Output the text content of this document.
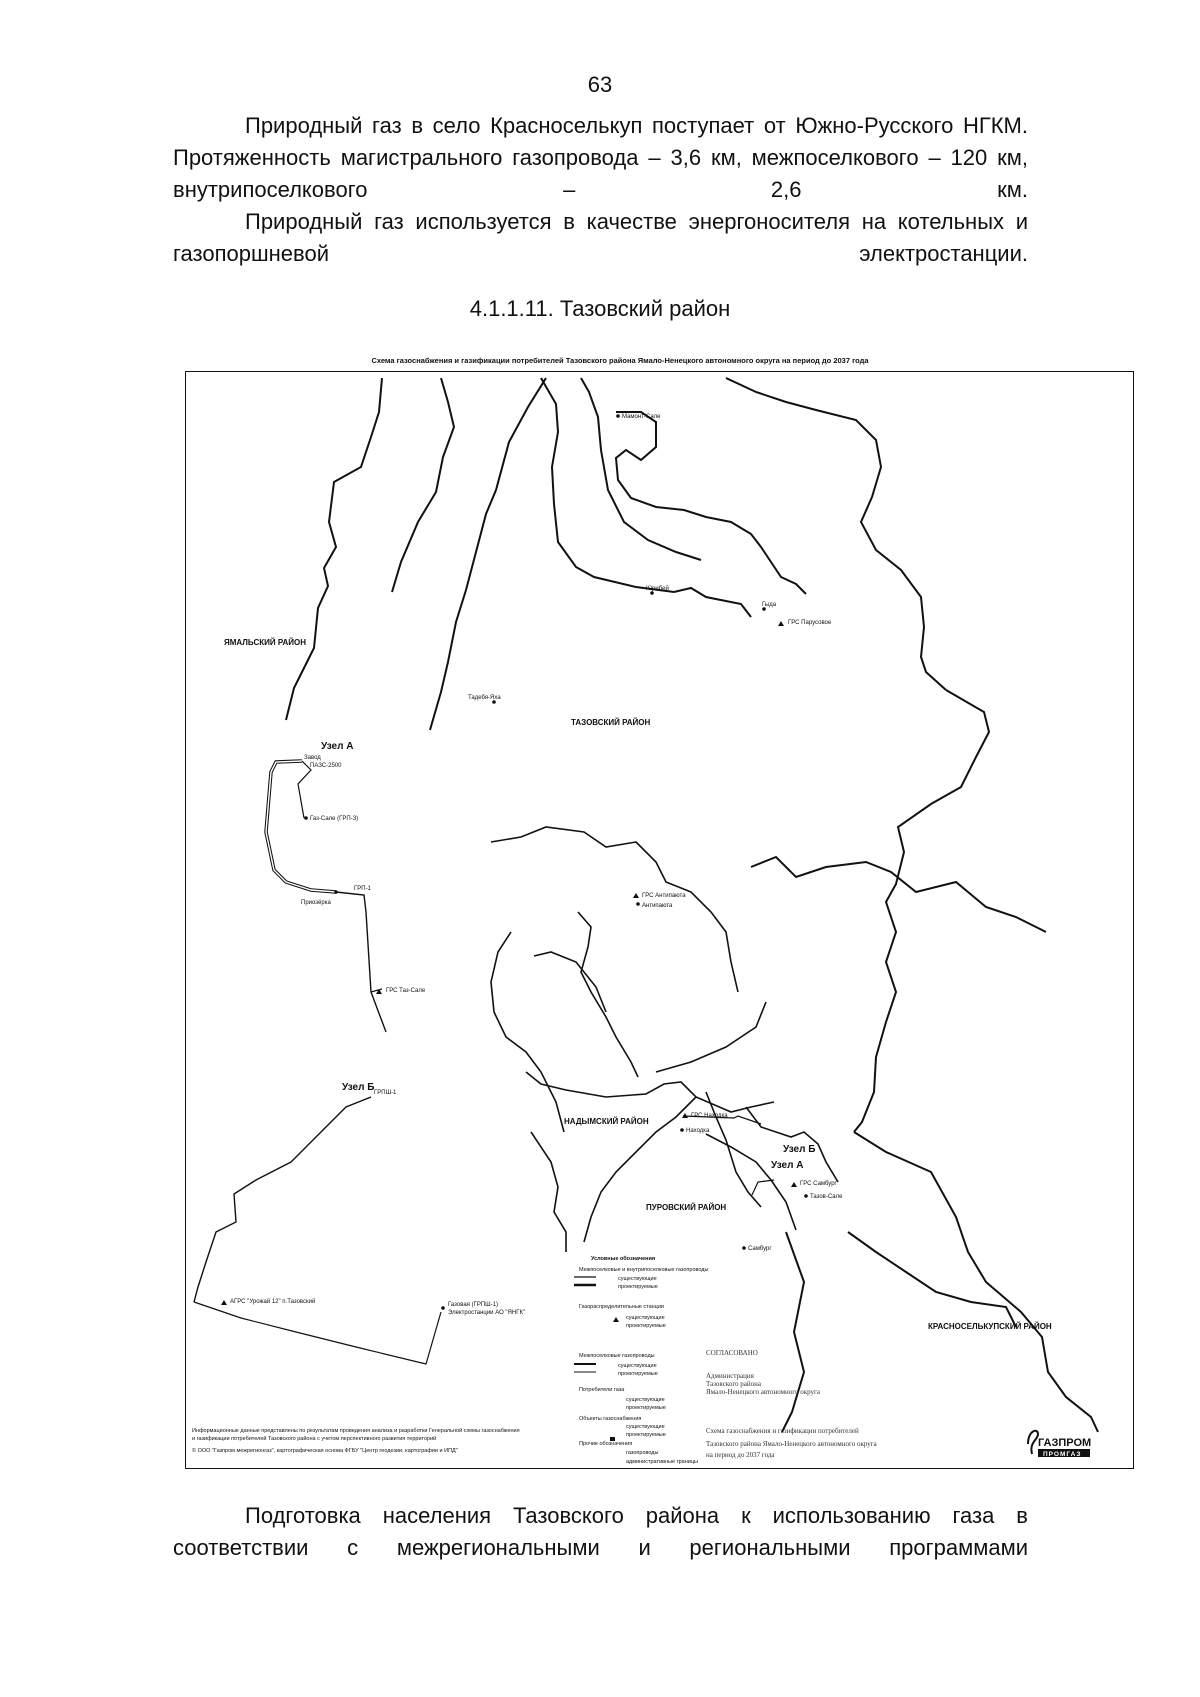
63

Природный газ в село Красноселькуп поступает от Южно-Русского НГКМ. Протяженность магистрального газопровода – 3,6 км, межпоселкового – 120 км, внутрипоселкового – 2,6 км.

Природный газ используется в качестве энергоносителя на котельных и газопоршневой электростанции.

4.1.1.11. Тазовский район
Схема газоснабжения и газификации потребителей Тазовского района Ямало-Ненецкого автономного округа на период до 2037 года
Условные обозначения
Межпоселковые и внутрипоселковые газопроводы
существующие
проектируемые
Газораспределительные станции
существующие
проектируемые
Межпоселковые газопроводы
существующие
проектируемые
Потребители газа
существующие
проектируемые
Объекты газоснабжения
существующие
проектируемые
Прочие обозначения
газопроводы
административные границы
ЯМАЛЬСКИЙ РАЙОН
ТАЗОВСКИЙ РАЙОН
НАДЫМСКИЙ РАЙОН
ПУРОВСКИЙ РАЙОН
КРАСНОСЕЛЬКУПСКИЙ РАЙОН
Узел А
Узел Б
Узел Б
Узел А
Мамонт-Сале
Юрибей
Гыда
ГРС Парусовое
Тадебя-Яха
Завод
ПАЗС-2500
Газ-Сале (ГРП-3)
ГРП-1
Приозёрка
ГРС Антипаюта
Антипаюта
ГРС Таз-Сале
ГРПШ-1
ГРС Находка
Находка
ГРС Самбург
Тазов-Сале
Самбург
АГРС "Урожай 12" п.Тазовский	Газовая (ГРПШ-1)
Электростанции АО "ЯНГК"
СОГЛАСОВАНО
Администрация
Тазовского района
Ямало-Ненецкого автономного округа
Схема газоснабжения и газификации потребителей
Тазовского района Ямало-Ненецкого автономного округа
на период до 2037 года
Информационные данные представлены по результатам проведения анализа и разработки Генеральной схемы газоснабжения
и газификации потребителей Тазовского района с учетом перспективного развития территорий
© ООО "Газпром межрегионгаз", картографическая основа ФГБУ "Центр геодезии, картографии и ИПД"
ГАЗПРОМ
ПРОМГАЗ

Подготовка населения Тазовского района к использованию газа в соответствии с межрегиональными и региональными программами
